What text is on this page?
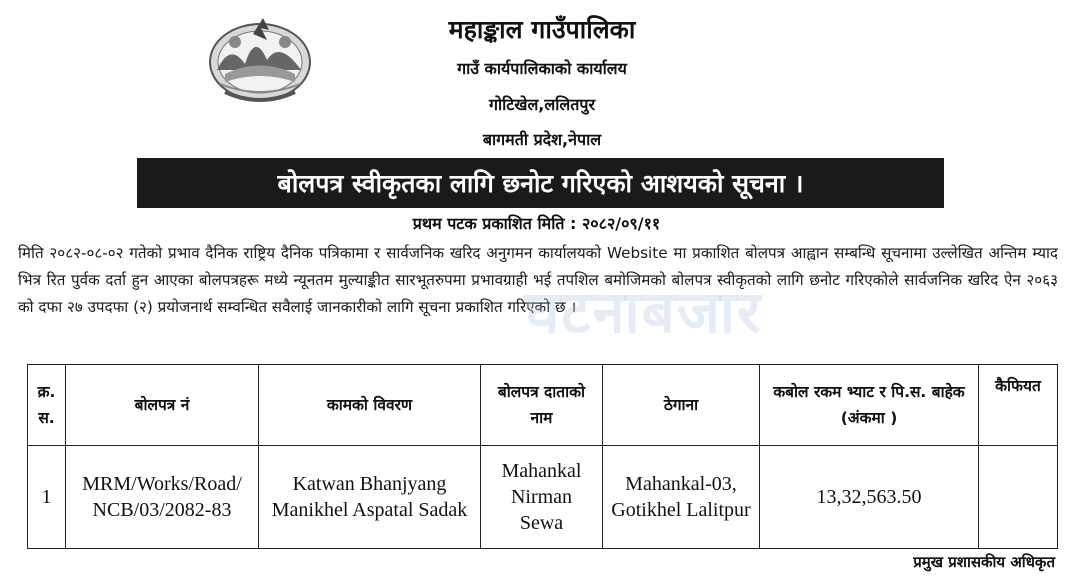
महाङ्काल गाउँपालिका
गाउँ कार्यपालिकाको कार्यालय
गोटिखेल,ललितपुर
बागमती प्रदेश,नेपाल
बोलपत्र स्वीकृतका लागि छनोट गरिएको आशयको सूचना ।
प्रथम पटक प्रकाशित मिति : २०८२/०९/११
मिति २०८२-०८-०२ गतेको प्रभाव दैनिक राष्ट्रिय दैनिक पत्रिकामा र सार्वजनिक खरिद अनुगमन कार्यालयको Website मा प्रकाशित बोलपत्र आह्वान सम्बन्धि सूचनामा उल्लेखित अन्तिम म्याद भित्र रित पुर्वक दर्ता हुन आएका बोलपत्रहरू मध्ये न्यूनतम मुल्याङ्कीत सारभूतरुपमा प्रभावग्राही भई तपशिल बमोजिमको बोलपत्र स्वीकृतको लागि छनोट गरिएकोले सार्वजनिक खरिद ऐन २०६३ को दफा २७ उपदफा (२) प्रयोजनार्थ सम्वन्धित सवैलाई जानकारीको लागि सूचना प्रकाशित गरिएको छ ।
घटनाबजार
क्र. स.	बोलपत्र नं	कामको विवरण	बोलपत्र दाताको नाम	ठेगाना	कबोल रकम भ्याट र पि.स. बाहेक (अंकमा )	कैफियत
1	MRM/Works/Road/ NCB/03/2082-83	Katwan Bhanjyang Manikhel Aspatal Sadak	Mahankal Nirman Sewa	Mahankal-03, Gotikhel Lalitpur	13,32,563.50	
प्रमुख प्रशासकीय अधिकृत
